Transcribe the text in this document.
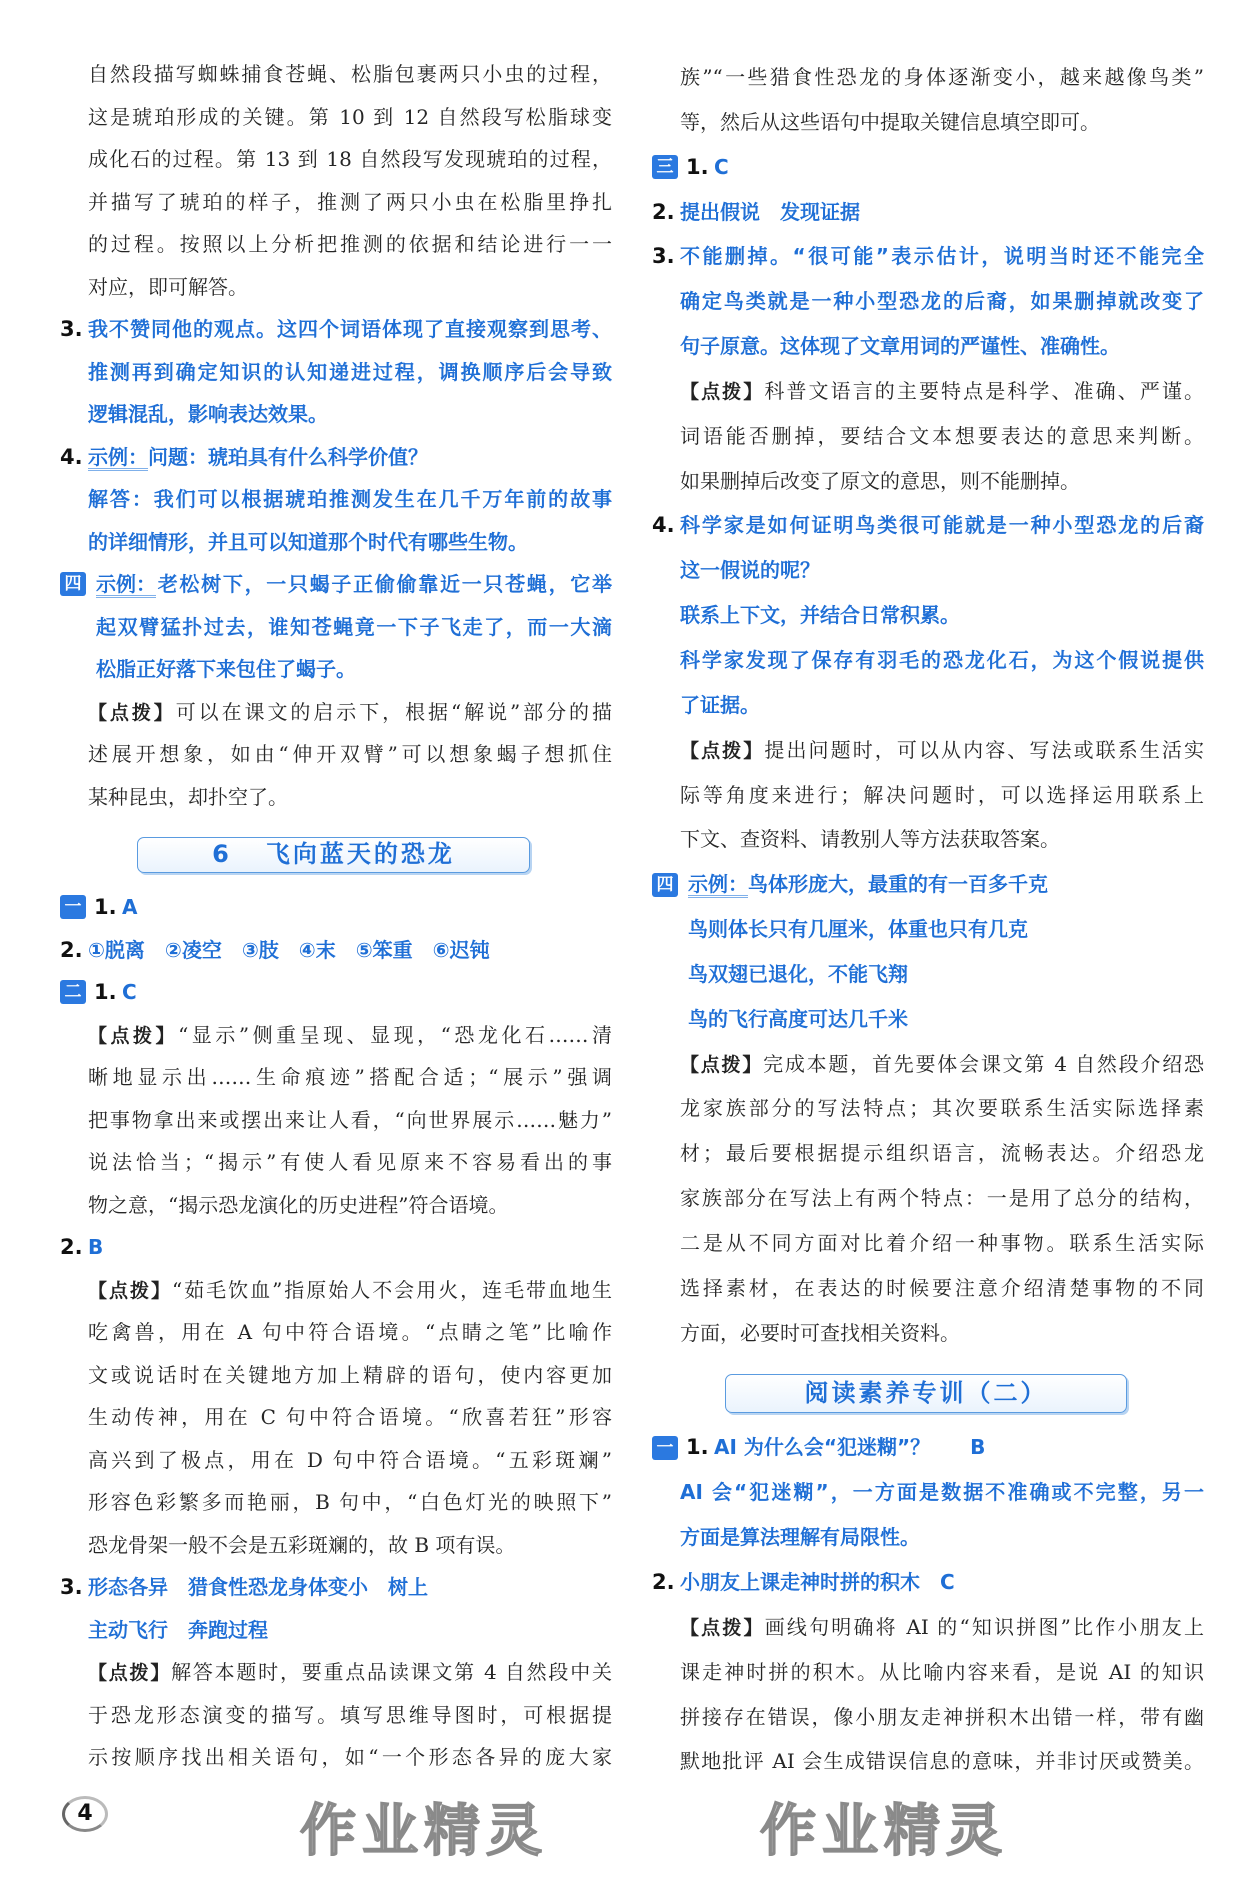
自然段描写蜘蛛捕食苍蝇、松脂包裹两只小虫的过程，
这是琥珀形成的关键。第 10 到 12 自然段写松脂球变
成化石的过程。第 13 到 18 自然段写发现琥珀的过程，
并描写了琥珀的样子，推测了两只小虫在松脂里挣扎
的过程。按照以上分析把推测的依据和结论进行一一
对应，即可解答。
3. 我不赞同他的观点。这四个词语体现了直接观察到思考、
推测再到确定知识的认知递进过程，调换顺序后会导致
逻辑混乱，影响表达效果。
4. 示例：问题：琥珀具有什么科学价值？
解答：我们可以根据琥珀推测发生在几千万年前的故事
的详细情形，并且可以知道那个时代有哪些生物。
四 示例：老松树下，一只蝎子正偷偷靠近一只苍蝇，它举
起双臂猛扑过去，谁知苍蝇竟一下子飞走了，而一大滴
松脂正好落下来包住了蝎子。
【点拨】可以在课文的启示下，根据“解说”部分的描
述展开想象，如由“伸开双臂”可以想象蝎子想抓住
某种昆虫，却扑空了。
6 飞向蓝天的恐龙
一 1. A
2. ①脱离　②凌空　③肢　④末　⑤笨重　⑥迟钝
二 1. C
【点拨】“显示”侧重呈现、显现，“恐龙化石……清
晰地显示出……生命痕迹”搭配合适；“展示”强调
把事物拿出来或摆出来让人看，“向世界展示……魅力”
说法恰当；“揭示”有使人看见原来不容易看出的事
物之意，“揭示恐龙演化的历史进程”符合语境。
2. B
【点拨】“茹毛饮血”指原始人不会用火，连毛带血地生
吃禽兽，用在 A 句中符合语境。“点睛之笔”比喻作
文或说话时在关键地方加上精辟的语句，使内容更加
生动传神，用在 C 句中符合语境。“欣喜若狂”形容
高兴到了极点，用在 D 句中符合语境。“五彩斑斓”
形容色彩繁多而艳丽，B 句中，“白色灯光的映照下”
恐龙骨架一般不会是五彩斑斓的，故 B 项有误。
3. 形态各异　猎食性恐龙身体变小　树上
主动飞行　奔跑过程
【点拨】解答本题时，要重点品读课文第 4 自然段中关
于恐龙形态演变的描写。填写思维导图时，可根据提
示按顺序找出相关语句，如“一个形态各异的庞大家
族”“一些猎食性恐龙的身体逐渐变小，越来越像鸟类”
等，然后从这些语句中提取关键信息填空即可。
三 1. C
2. 提出假说　发现证据
3. 不能删掉。“很可能”表示估计，说明当时还不能完全
确定鸟类就是一种小型恐龙的后裔，如果删掉就改变了
句子原意。这体现了文章用词的严谨性、准确性。
【点拨】科普文语言的主要特点是科学、准确、严谨。
词语能否删掉，要结合文本想要表达的意思来判断。
如果删掉后改变了原文的意思，则不能删掉。
4. 科学家是如何证明鸟类很可能就是一种小型恐龙的后裔
这一假说的呢？
联系上下文，并结合日常积累。
科学家发现了保存有羽毛的恐龙化石，为这个假说提供
了证据。
【点拨】提出问题时，可以从内容、写法或联系生活实
际等角度来进行；解决问题时，可以选择运用联系上
下文、查资料、请教别人等方法获取答案。
四 示例：鸟体形庞大，最重的有一百多千克
鸟则体长只有几厘米，体重也只有几克
鸟双翅已退化，不能飞翔
鸟的飞行高度可达几千米
【点拨】完成本题，首先要体会课文第 4 自然段介绍恐
龙家族部分的写法特点；其次要联系生活实际选择素
材；最后要根据提示组织语言，流畅表达。介绍恐龙
家族部分在写法上有两个特点：一是用了总分的结构，
二是从不同方面对比着介绍一种事物。联系生活实际
选择素材，在表达的时候要注意介绍清楚事物的不同
方面，必要时可查找相关资料。
阅读素养专训（二）
一 1. AI 为什么会“犯迷糊”？　　B
AI 会“犯迷糊”，一方面是数据不准确或不完整，另一
方面是算法理解有局限性。
2. 小朋友上课走神时拼的积木　C
【点拨】画线句明确将 AI 的“知识拼图”比作小朋友上
课走神时拼的积木。从比喻内容来看，是说 AI 的知识
拼接存在错误，像小朋友走神拼积木出错一样，带有幽
默地批评 AI 会生成错误信息的意味，并非讨厌或赞美。
4	作业精灵	作业精灵
